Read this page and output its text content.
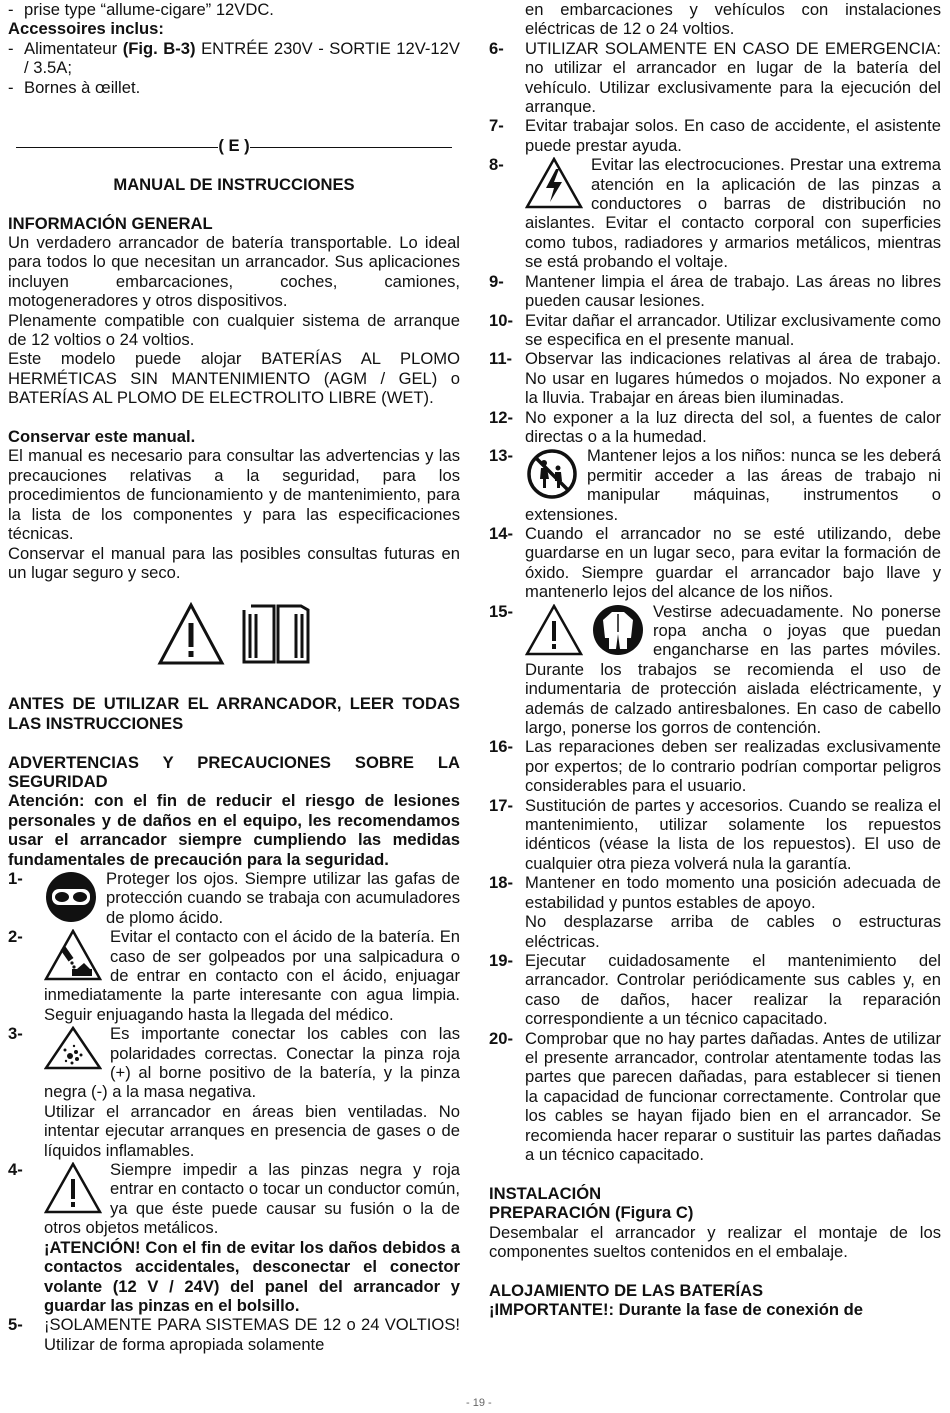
- prise type “allume-cigare” 12VDC.

Accessoires inclus:

- Alimentateur (Fig. B-3) ENTRÉE 230V - SORTIE 12V-12V / 3.5A;
- Bornes à œillet.
( E )

MANUAL DE INSTRUCCIONES

INFORMACIÓN GENERAL

Un verdadero arrancador de batería transportable. Lo ideal para todos lo que necesitan un arrancador. Sus aplicaciones incluyen embarcaciones, coches, camiones, motogeneradores y otros dispositivos.

Plenamente compatible con cualquier sistema de arranque de 12 voltios o 24 voltios.

Este modelo puede alojar BATERÍAS AL PLOMO HERMÉTICAS SIN MANTENIMIENTO (AGM / GEL) o BATERÍAS AL PLOMO DE ELECTROLITO LIBRE (WET).

Conservar este manual.

El manual es necesario para consultar las advertencias y las precauciones relativas a la seguridad, para los procedimientos de funcionamiento y de mantenimiento, para la lista de los componentes y para las especificaciones técnicas.

Conservar el manual para las posibles consultas futuras en un lugar seguro y seco.

ANTES DE UTILIZAR EL ARRANCADOR, LEER TODAS LAS INSTRUCCIONES

ADVERTENCIAS Y PRECAUCIONES SOBRE LA SEGURIDAD

Atención: con el fin de reducir el riesgo de lesiones personales y de daños en el equipo, les recomendamos usar el arrancador siempre cumpliendo las medidas fundamentales de precaución para la seguridad.

1-	Proteger los ojos. Siempre utilizar las gafas de protección cuando se trabaja con acumuladores de plomo ácido.
2-	Evitar el contacto con el ácido de la batería. En caso de ser golpeados por una salpicadura o de entrar en contacto con el ácido, enjuagar inmediatamente la parte interesante con agua limpia. Seguir enjuagando hasta la llegada del médico.
3-	Es importante conectar los cables con las polaridades correctas. Conectar la pinza roja (+) al borne positivo de la batería, y la pinza negra (-) a la masa negativa.

Utilizar el arrancador en áreas bien ventiladas. No intentar ejecutar arranques en presencia de gases o de líquidos inflamables.

4-	Siempre impedir a las pinzas negra y roja entrar en contacto o tocar un conductor común, ya que éste puede causar su fusión o la de otros objetos metálicos.

¡ATENCIÓN! Con el fin de evitar los daños debidos a contactos accidentales, desconectar el conector volante (12 V / 24V) del panel del arrancador y guardar las pinzas en el bolsillo.

5- ¡SOLAMENTE PARA SISTEMAS DE 12 o 24 VOLTIOS! Utilizar de forma apropiada solamente

en embarcaciones y vehículos con instalaciones eléctricas de 12 o 24 voltios.

6- UTILIZAR SOLAMENTE EN CASO DE EMERGENCIA: no utilizar el arrancador en lugar de la batería del vehículo. Utilizar exclusivamente para la ejecución del arranque.
7- Evitar trabajar solos. En caso de accidente, el asistente puede prestar ayuda.
8-	Evitar las electrocuciones. Prestar una extrema atención en la aplicación de las pinzas a conductores o barras de distribución no aislantes. Evitar el contacto corporal con superficies como tubos, radiadores y armarios metálicos, mientras se está probando el voltaje.
9- Mantener limpia el área de trabajo. Las áreas no libres pueden causar lesiones.
10- Evitar dañar el arrancador. Utilizar exclusivamente como se especifica en el presente manual.
11- Observar las indicaciones relativas al área de trabajo. No usar en lugares húmedos o mojados. No exponer a la lluvia. Trabajar en áreas bien iluminadas.
12- No exponer a la luz directa del sol, a fuentes de calor directas o a la humedad.
13-	Mantener lejos a los niños: nunca se les deberá permitir acceder a las áreas de trabajo ni manipular máquinas, instrumentos o extensiones.
14- Cuando el arrancador no se esté utilizando, debe guardarse en un lugar seco, para evitar la formación de óxido. Siempre guardar el arrancador bajo llave y mantenerlo lejos del alcance de los niños.
15-	Vestirse adecuadamente. No ponerse ropa ancha o joyas que puedan engancharse en las partes móviles. Durante los trabajos se recomienda el uso de indumentaria de protección aislada eléctricamente, y además de calzado antiresbalones. En caso de cabello largo, ponerse los gorros de contención.
16- Las reparaciones deben ser realizadas exclusivamente por expertos; de lo contrario podrían comportar peligros considerables para el usuario.
17- Sustitución de partes y accesorios. Cuando se realiza el mantenimiento, utilizar solamente los repuestos idénticos (véase la lista de los repuestos). El uso de cualquier otra pieza volverá nula la garantía.
18- Mantener en todo momento una posición adecuada de estabilidad y puntos estables de apoyo.

No desplazarse arriba de cables o estructuras eléctricas.

19- Ejecutar cuidadosamente el mantenimiento del arrancador. Controlar periódicamente sus cables y, en caso de daños, hacer realizar la reparación correspondiente a un técnico capacitado.
20- Comprobar que no hay partes dañadas. Antes de utilizar el presente arrancador, controlar atentamente todas las partes que parecen dañadas, para establecer si tienen la capacidad de funcionar correctamente. Controlar que los cables se hayan fijado bien en el arrancador. Se recomienda hacer reparar o sustituir las partes dañadas a un técnico capacitado.

INSTALACIÓN

PREPARACIÓN (Figura C)

Desembalar el arrancador y realizar el montaje de los componentes sueltos contenidos en el embalaje.

ALOJAMIENTO DE LAS BATERÍAS

¡IMPORTANTE!: Durante la fase de conexión de

- 19 -
